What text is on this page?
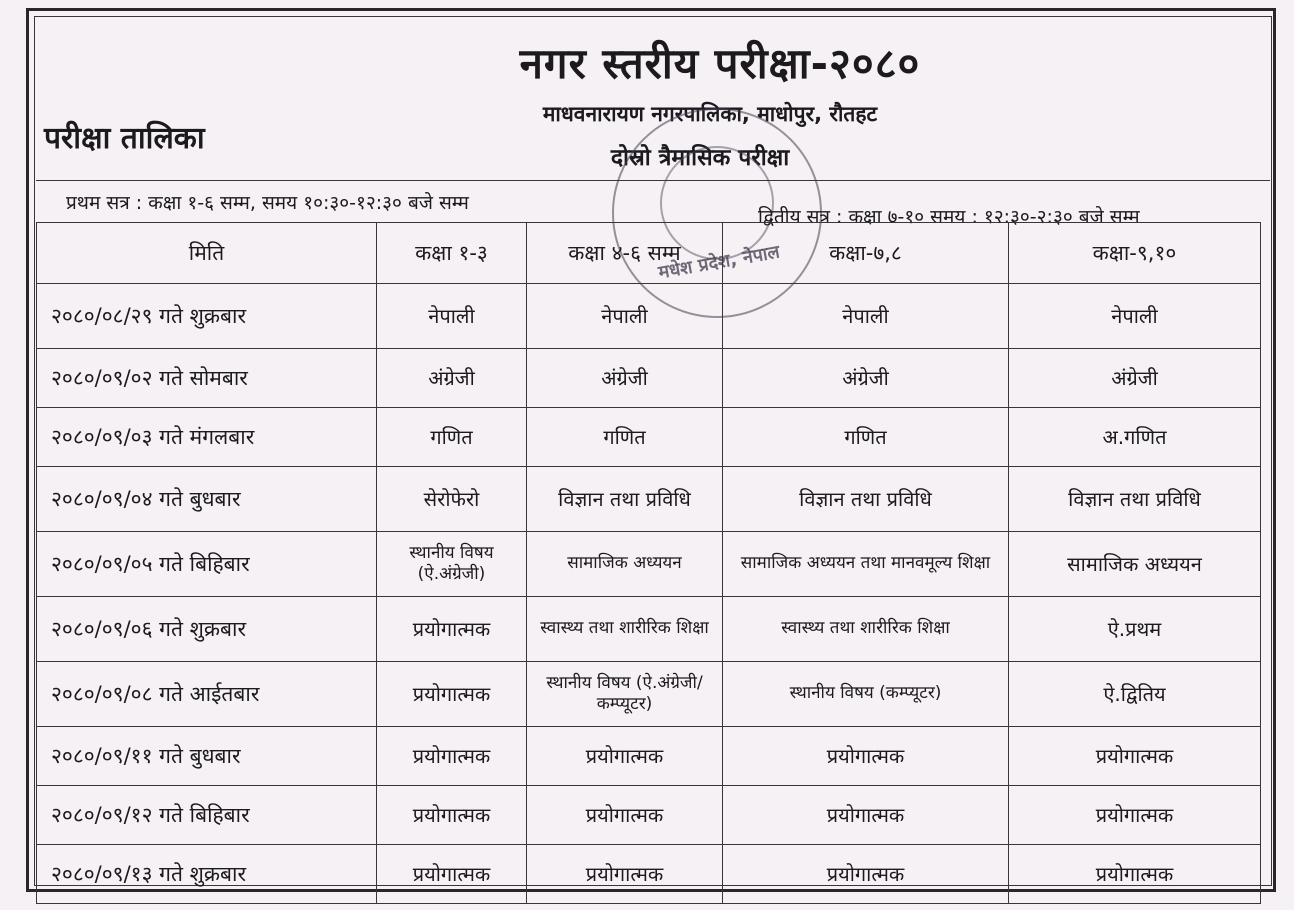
नगर स्तरीय परीक्षा-२०८०
माधवनारायण नगरपालिका, माधोपुर, रौतहट
दोस्रो त्रैमासिक परीक्षा
परीक्षा तालिका
मधेश प्रदेश, नेपाल
प्रथम सत्र : कक्षा १-६ सम्म, समय १०:३०-१२:३० बजे सम्म
द्वितीय सत्र : कक्षा ७-१० समय : १२:३०-२:३० बजे सम्म
मिति	कक्षा १-३	कक्षा ४-६ सम्म	कक्षा-७,८	कक्षा-९,१०
२०८०/०८/२९ गते शुक्रबार	नेपाली	नेपाली	नेपाली	नेपाली
२०८०/०९/०२ गते सोमबार	अंग्रेजी	अंग्रेजी	अंग्रेजी	अंग्रेजी
२०८०/०९/०३ गते मंगलबार	गणित	गणित	गणित	अ.गणित
२०८०/०९/०४ गते बुधबार	सेरोफेरो	विज्ञान तथा प्रविधि	विज्ञान तथा प्रविधि	विज्ञान तथा प्रविधि
२०८०/०९/०५ गते बिहिबार	स्थानीय विषय (ऐ.अंग्रेजी)	सामाजिक अध्ययन	सामाजिक अध्ययन तथा मानवमूल्य शिक्षा	सामाजिक अध्ययन
२०८०/०९/०६ गते शुक्रबार	प्रयोगात्मक	स्वास्थ्य तथा शारीरिक शिक्षा	स्वास्थ्य तथा शारीरिक शिक्षा	ऐ.प्रथम
२०८०/०९/०८ गते आईतबार	प्रयोगात्मक	स्थानीय विषय (ऐ.अंग्रेजी/कम्प्यूटर)	स्थानीय विषय (कम्प्यूटर)	ऐ.द्वितिय
२०८०/०९/११ गते बुधबार	प्रयोगात्मक	प्रयोगात्मक	प्रयोगात्मक	प्रयोगात्मक
२०८०/०९/१२ गते बिहिबार	प्रयोगात्मक	प्रयोगात्मक	प्रयोगात्मक	प्रयोगात्मक
२०८०/०९/१३ गते शुक्रबार	प्रयोगात्मक	प्रयोगात्मक	प्रयोगात्मक	प्रयोगात्मक
